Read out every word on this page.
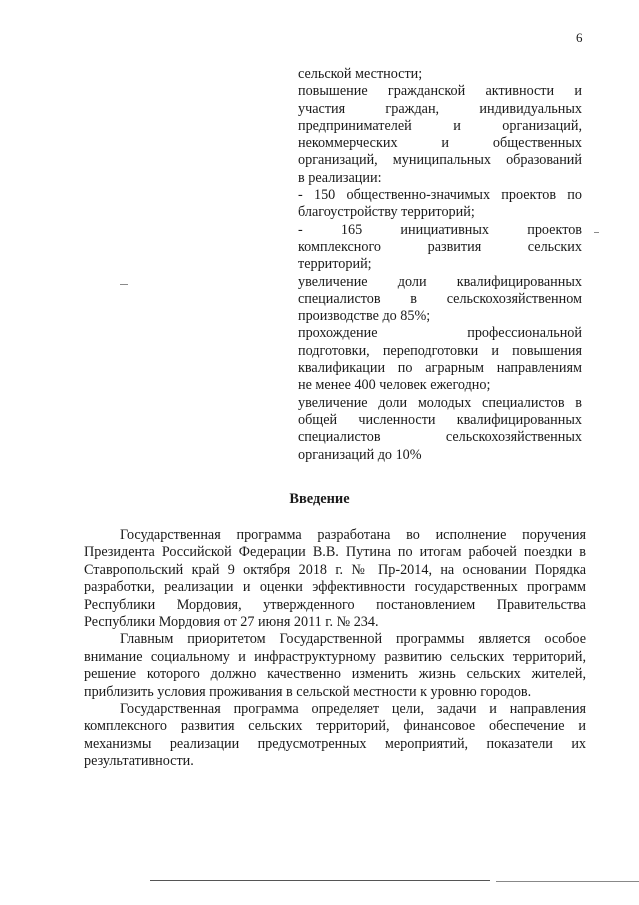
6
сельской местности;
повышение гражданской активности и
участия граждан, индивидуальных
предпринимателей и организаций,
некоммерческих и общественных
организаций, муниципальных образований
в реализации:
- 150 общественно-значимых проектов по
благоустройству территорий;
- 165 инициативных проектов
комплексного развития сельских
территорий;
увеличение доли квалифицированных
специалистов в сельскохозяйственном
производстве до 85%;
прохождение профессиональной
подготовки, переподготовки и повышения
квалификации по аграрным направлениям
не менее 400 человек ежегодно;
увеличение доли молодых специалистов в
общей численности квалифицированных
специалистов сельскохозяйственных
организаций до 10%
Введение
Государственная программа разработана во исполнение поручения
Президента Российской Федерации В.В. Путина по итогам рабочей поездки в
Ставропольский край 9 октября 2018 г. № Пр-2014, на основании Порядка
разработки, реализации и оценки эффективности государственных программ
Республики Мордовия, утвержденного постановлением Правительства
Республики Мордовия от 27 июня 2011 г. № 234.
Главным приоритетом Государственной программы является особое
внимание социальному и инфраструктурному развитию сельских территорий,
решение которого должно качественно изменить жизнь сельских жителей,
приблизить условия проживания в сельской местности к уровню городов.
Государственная программа определяет цели, задачи и направления
комплексного развития сельских территорий, финансовое обеспечение и
механизмы реализации предусмотренных мероприятий, показатели их
результативности.
